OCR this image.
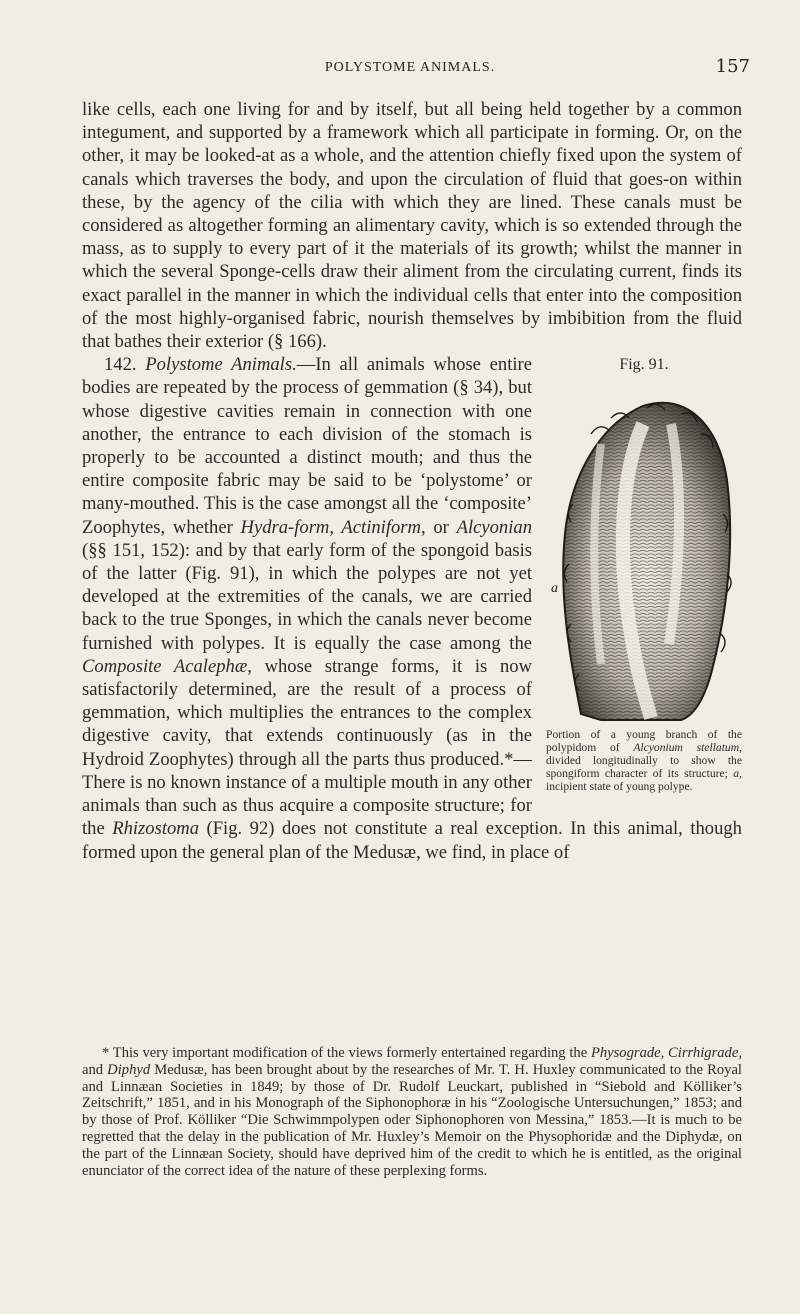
POLYSTOME ANIMALS.	157

like cells, each one living for and by itself, but all being held together by a common integument, and supported by a framework which all participate in forming. Or, on the other, it may be looked-at as a whole, and the attention chiefly fixed upon the system of canals which traverses the body, and upon the circulation of fluid that goes-on within these, by the agency of the cilia with which they are lined. These canals must be considered as altogether forming an alimentary cavity, which is so extended through the mass, as to supply to every part of it the materials of its growth; whilst the manner in which the several Sponge-cells draw their aliment from the circulating current, finds its exact parallel in the manner in which the individual cells that enter into the composition of the most highly-organised fabric, nourish themselves by imbibition from the fluid that bathes their exterior (§ 166).

Fig. 91.
a
Portion of a young branch of the polypidom of Alcyonium stellatum, divided longitudinally to show the spongiform character of its structure; a, incipient state of young polype.

142. Polystome Animals.—In all animals whose entire bodies are repeated by the process of gemmation (§ 34), but whose digestive cavities remain in connection with one another, the entrance to each division of the stomach is properly to be accounted a distinct mouth; and thus the entire composite fabric may be said to be ‘polystome’ or many-mouthed. This is the case amongst all the ‘composite’ Zoophytes, whether Hydra-form, Actiniform, or Alcyonian (§§ 151, 152): and by that early form of the spongoid basis of the latter (Fig. 91), in which the polypes are not yet developed at the extremities of the canals, we are carried back to the true Sponges, in which the canals never become furnished with polypes. It is equally the case among the Composite Acalephæ, whose strange forms, it is now satisfactorily determined, are the result of a process of gemmation, which multiplies the entrances to the complex digestive cavity, that extends continuously (as in the Hydroid Zoophytes) through all the parts thus produced.*—There is no known instance of a multiple mouth in any other animals than such as thus acquire a composite structure; for the Rhizostoma (Fig. 92) does not constitute a real exception. In this animal, though formed upon the general plan of the Medusæ, we find, in place of

* This very important modification of the views formerly entertained regarding the Physograde, Cirrhigrade, and Diphyd Medusæ, has been brought about by the researches of Mr. T. H. Huxley communicated to the Royal and Linnæan Societies in 1849; by those of Dr. Rudolf Leuckart, published in “Siebold and Kölliker’s Zeitschrift,” 1851, and in his Monograph of the Siphonophoræ in his “Zoologische Untersuchungen,” 1853; and by those of Prof. Kölliker “Die Schwimmpolypen oder Siphonophoren von Messina,” 1853.—It is much to be regretted that the delay in the publication of Mr. Huxley’s Memoir on the Physophoridæ and the Diphydæ, on the part of the Linnæan Society, should have deprived him of the credit to which he is entitled, as the original enunciator of the correct idea of the nature of these perplexing forms.
